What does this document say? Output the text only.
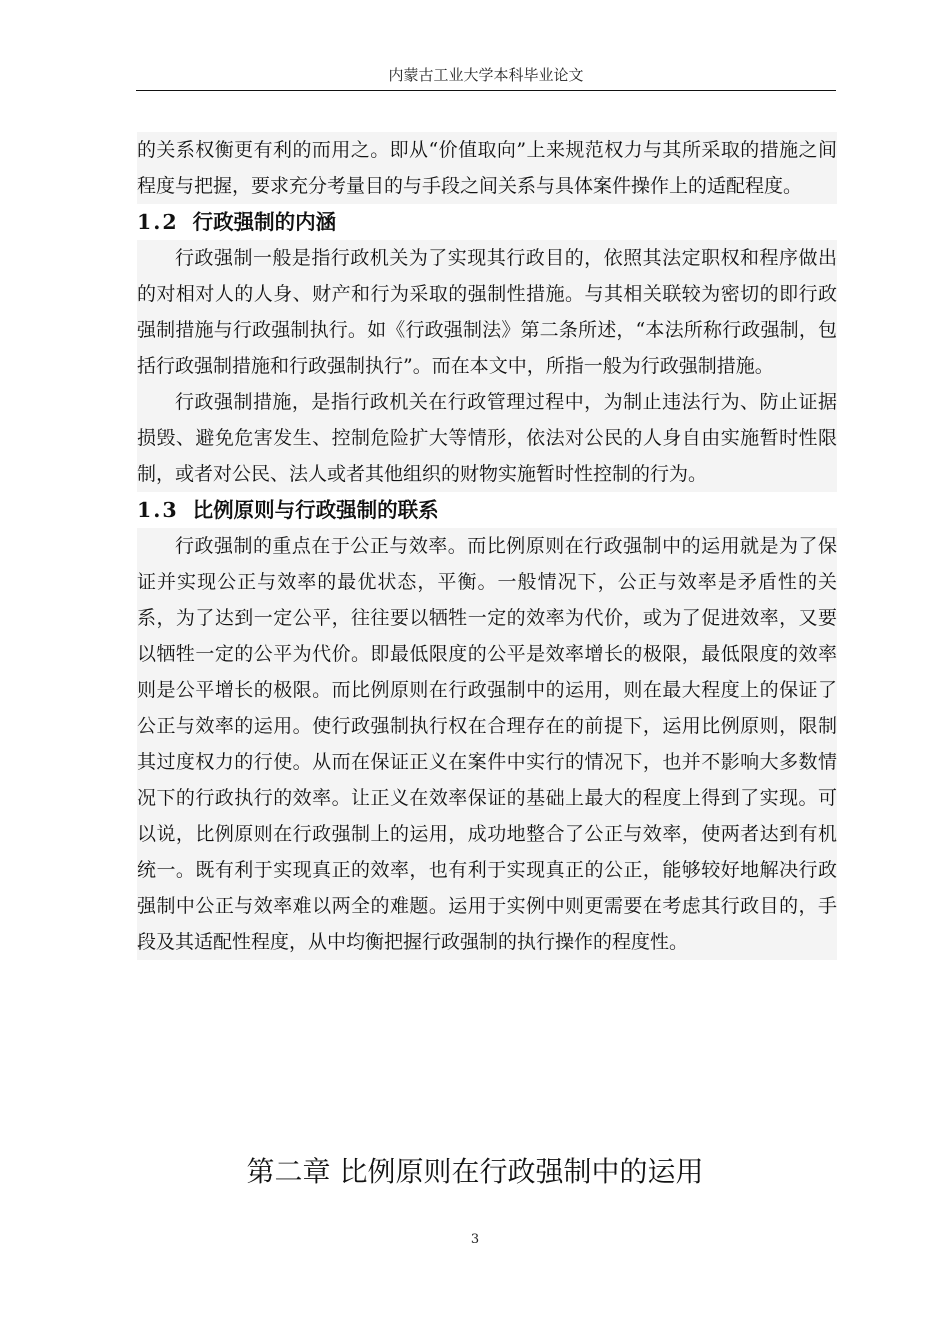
内蒙古工业大学本科毕业论文

的关系权衡更有利的而用之。即从“价值取向”上来规范权力与其所采取的措施之间程度与把握，要求充分考量目的与手段之间关系与具体案件操作上的适配程度。

1.2 行政强制的内涵

行政强制一般是指行政机关为了实现其行政目的，依照其法定职权和程序做出的对相对人的人身、财产和行为采取的强制性措施。与其相关联较为密切的即行政强制措施与行政强制执行。如《行政强制法》第二条所述，“本法所称行政强制，包括行政强制措施和行政强制执行”。而在本文中，所指一般为行政强制措施。

行政强制措施，是指行政机关在行政管理过程中，为制止违法行为、防止证据损毁、避免危害发生、控制危险扩大等情形，依法对公民的人身自由实施暂时性限制，或者对公民、法人或者其他组织的财物实施暂时性控制的行为。

1.3 比例原则与行政强制的联系

行政强制的重点在于公正与效率。而比例原则在行政强制中的运用就是为了保证并实现公正与效率的最优状态，平衡。一般情况下，公正与效率是矛盾性的关系，为了达到一定公平，往往要以牺牲一定的效率为代价，或为了促进效率，又要以牺牲一定的公平为代价。即最低限度的公平是效率增长的极限，最低限度的效率则是公平增长的极限。而比例原则在行政强制中的运用，则在最大程度上的保证了公正与效率的运用。使行政强制执行权在合理存在的前提下，运用比例原则，限制其过度权力的行使。从而在保证正义在案件中实行的情况下，也并不影响大多数情况下的行政执行的效率。让正义在效率保证的基础上最大的程度上得到了实现。可以说，比例原则在行政强制上的运用，成功地整合了公正与效率，使两者达到有机统一。既有利于实现真正的效率，也有利于实现真正的公正，能够较好地解决行政强制中公正与效率难以两全的难题。运用于实例中则更需要在考虑其行政目的，手段及其适配性程度，从中均衡把握行政强制的执行操作的程度性。

第二章 比例原则在行政强制中的运用
3
